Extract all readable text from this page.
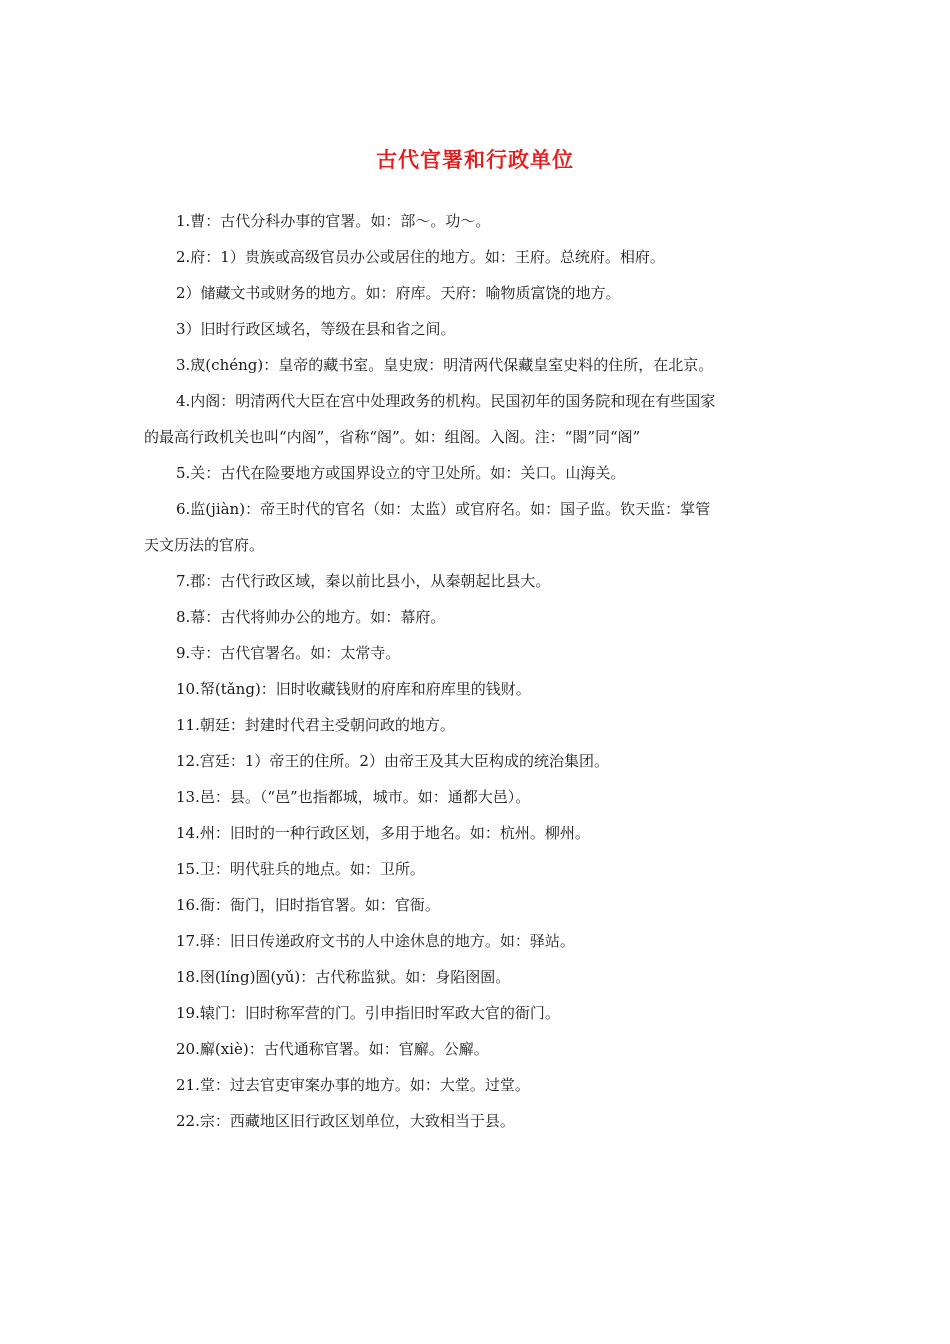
古代官署和行政单位
1.曹：古代分科办事的官署。如：部～。功～。
2.府：1）贵族或高级官员办公或居住的地方。如：王府。总统府。相府。
2）储藏文书或财务的地方。如：府库。天府：喻物质富饶的地方。
3）旧时行政区域名，等级在县和省之间。
3.宬(chéng)：皇帝的藏书室。皇史宬：明清两代保藏皇室史料的住所，在北京。
4.内阁：明清两代大臣在宫中处理政务的机构。民国初年的国务院和现在有些国家
的最高行政机关也叫“内阁”，省称“阁”。如：组阁。入阁。注：“閤”同“阁”
5.关：古代在险要地方或国界设立的守卫处所。如：关口。山海关。
6.监(jiàn)：帝王时代的官名（如：太监）或官府名。如：国子监。钦天监：掌管
天文历法的官府。
7.郡：古代行政区域，秦以前比县小，从秦朝起比县大。
8.幕：古代将帅办公的地方。如：幕府。
9.寺：古代官署名。如：太常寺。
10.帑(tǎng)：旧时收藏钱财的府库和府库里的钱财。
11.朝廷：封建时代君主受朝问政的地方。
12.宫廷：1）帝王的住所。2）由帝王及其大臣构成的统治集团。
13.邑：县。（“邑”也指都城，城市。如：通都大邑）。
14.州：旧时的一种行政区划，多用于地名。如：杭州。柳州。
15.卫：明代驻兵的地点。如：卫所。
16.衙：衙门，旧时指官署。如：官衙。
17.驿：旧日传递政府文书的人中途休息的地方。如：驿站。
18.囹(líng)圄(yǔ)：古代称监狱。如：身陷囹圄。
19.辕门：旧时称军营的门。引申指旧时军政大官的衙门。
20.廨(xiè)：古代通称官署。如：官廨。公廨。
21.堂：过去官吏审案办事的地方。如：大堂。过堂。
22.宗：西藏地区旧行政区划单位，大致相当于县。
